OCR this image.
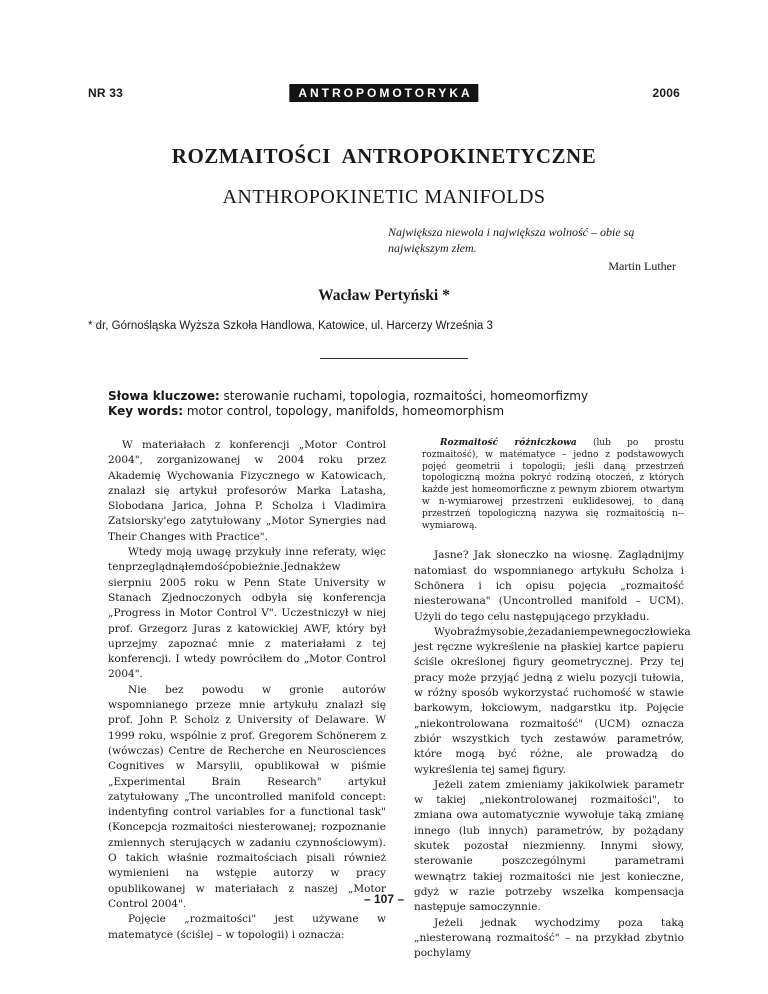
NR 33	ANTROPOMOTORYKA	2006
ROZMAITOŚCI ANTROPOKINETYCZNE
ANTHROPOKINETIC MANIFOLDS
Największa niewola i największa wolność – obie są największym złem.
Martin Luther
Wacław Pertyński *
* dr, Górnośląska Wyższa Szkoła Handlowa, Katowice, ul. Harcerzy Września 3
Słowa kluczowe: sterowanie ruchami, topologia, rozmaitości, homeomorfizmy
Key words: motor control, topology, manifolds, homeomorphism

W materiałach z konferencji „Motor Control 2004", zorganizowanej w 2004 roku przez Akademię Wychowania Fizycznego w Katowicach, znalazł się artykuł profesorów Marka Latasha, Slobodana Jarica, Johna P. Scholza i Vladimira Zatsiorsky'ego zatytułowany „Motor Synergies nad Their Changes with Practice".

Wtedy moją uwagę przykuły inne referaty, więc tenprzeglądnąłemdośćpobieżnie.Jednakżew sierpniu 2005 roku w Penn State University w Stanach Zjednoczonych odbyła się konferencja „Progress in Motor Control V". Uczestniczył w niej prof. Grzegorz Juras z katowickiej AWF, który był uprzejmy zapoznać mnie z materiałami z tej konferencji. I wtedy powróciłem do „Motor Control 2004".

Nie bez powodu w gronie autorów wspomnianego przeze mnie artykułu znalazł się prof. John P. Scholz z University of Delaware. W 1999 roku, wspólnie z prof. Gregorem Schönerem z (wówczas) Centre de Recherche en Neurosciences Cognitives w Marsylii, opublikował w piśmie „Experimental Brain Research" artykuł zatytułowany „The uncontrolled manifold concept: indentyfing control variables for a functional task" (Koncepcja rozmaitości niesterowanej; rozpoznanie zmiennych sterujących w zadaniu czynnościowym). O takich właśnie rozmaitościach pisali również wymienieni na wstępie autorzy w pracy opublikowanej w materiałach z naszej „Motor Control 2004".

Pojęcie „rozmaitości" jest używane w matematyce (ściślej – w topologii) i oznacza:

Rozmaitość różniczkowa (lub po prostu rozmaitość), w matematyce – jedno z podstawowych pojęć geometrii i topologii; jeśli daną przestrzeń topologiczną można pokryć rodziną otoczeń, z których każde jest homeomorficzne z pewnym zbiorem otwartym w n-wymiarowej przestrzeni euklidesowej, to daną przestrzeń topologiczną nazywa się rozmaitością n--wymiarową.

Jasne? Jak słoneczko na wiosnę. Zaglądnijmy natomiast do wspomnianego artykułu Scholza i Schönera i ich opisu pojęcia „rozmaitość niesterowana" (Uncontrolled manifold – UCM). Użyli do tego celu następującego przykładu.

Wyobraźmysobie,żezadaniempewnegoczłowieka jest ręczne wykreślenie na płaskiej kartce papieru ściśle określonej figury geometrycznej. Przy tej pracy może przyjąć jedną z wielu pozycji tułowia, w różny sposób wykorzystać ruchomość w stawie barkowym, łokciowym, nadgarstku itp. Pojęcie „niekontrolowana rozmaitość" (UCM) oznacza zbiór wszystkich tych zestawów parametrów, które mogą być różne, ale prowadzą do wykreślenia tej samej figury.

Jeżeli zatem zmieniamy jakikolwiek parametr w takiej „niekontrolowanej rozmaitości", to zmiana owa automatycznie wywołuje taką zmianę innego (lub innych) parametrów, by pożądany skutek pozostał niezmienny. Innymi słowy, sterowanie poszczególnymi parametrami wewnątrz takiej rozmaitości nie jest konieczne, gdyż w razie potrzeby wszelka kompensacja następuje samoczynnie.

Jeżeli jednak wychodzimy poza taką „niesterowaną rozmaitość" – na przykład zbytnio pochylamy

– 107 –
